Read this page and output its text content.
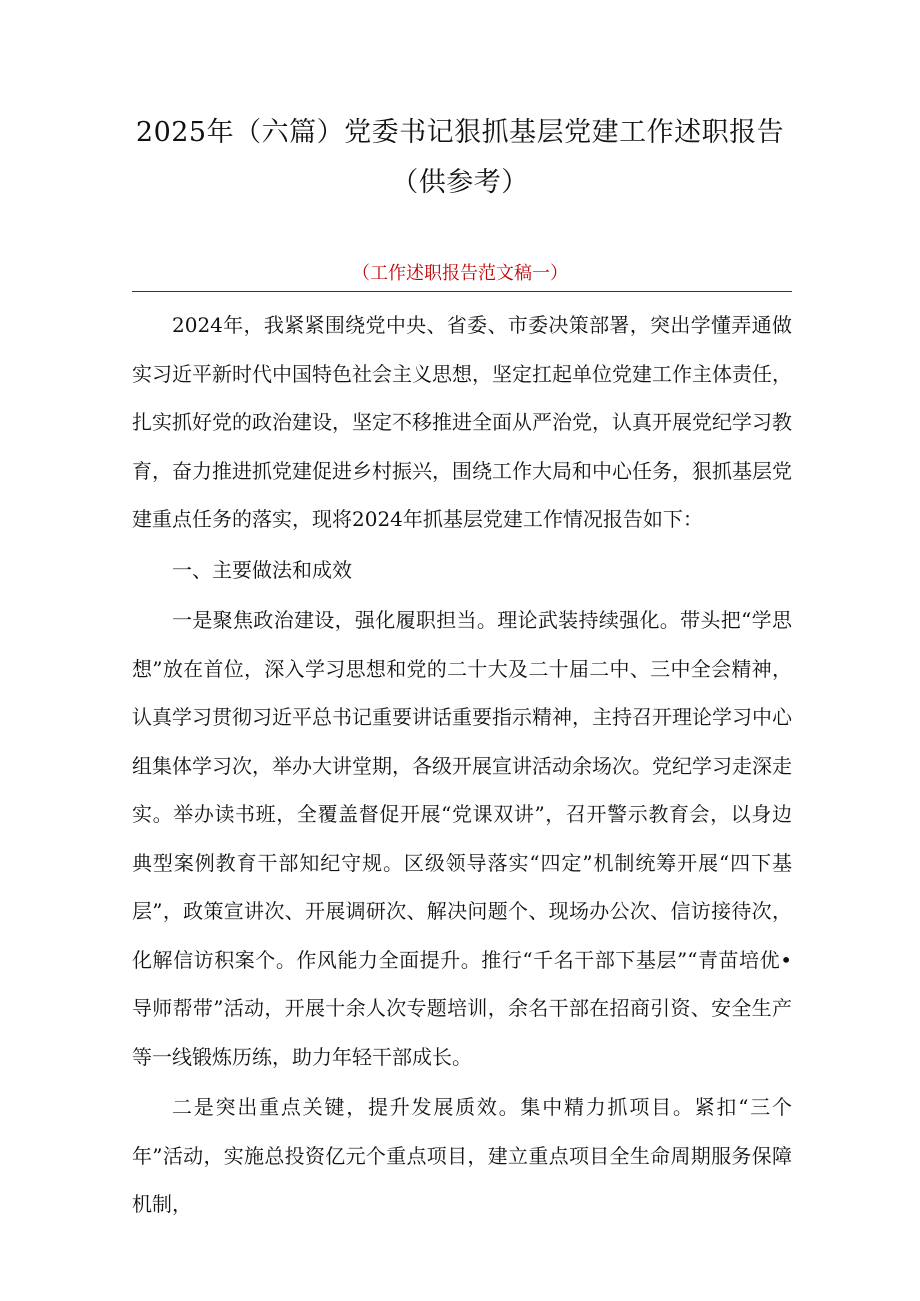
2025年（六篇）党委书记狠抓基层党建工作述职报告
（供参考）
（工作述职报告范文稿一）

2024年，我紧紧围绕党中央、省委、市委决策部署，突出学懂弄通做实习近平新时代中国特色社会主义思想，坚定扛起单位党建工作主体责任，扎实抓好党的政治建设，坚定不移推进全面从严治党，认真开展党纪学习教育，奋力推进抓党建促进乡村振兴，围绕工作大局和中心任务，狠抓基层党建重点任务的落实，现将2024年抓基层党建工作情况报告如下：

一、主要做法和成效

一是聚焦政治建设，强化履职担当。理论武装持续强化。带头把“学思想”放在首位，深入学习思想和党的二十大及二十届二中、三中全会精神，认真学习贯彻习近平总书记重要讲话重要指示精神，主持召开理论学习中心组集体学习次，举办大讲堂期，各级开展宣讲活动余场次。党纪学习走深走实。举办读书班，全覆盖督促开展“党课双讲”，召开警示教育会，以身边典型案例教育干部知纪守规。区级领导落实“四定”机制统筹开展“四下基层”，政策宣讲次、开展调研次、解决问题个、现场办公次、信访接待次，化解信访积案个。作风能力全面提升。推行“千名干部下基层”“青苗培优•导师帮带”活动，开展十余人次专题培训，余名干部在招商引资、安全生产等一线锻炼历练，助力年轻干部成长。

二是突出重点关键，提升发展质效。集中精力抓项目。紧扣“三个年”活动，实施总投资亿元个重点项目，建立重点项目全生命周期服务保障机制，
